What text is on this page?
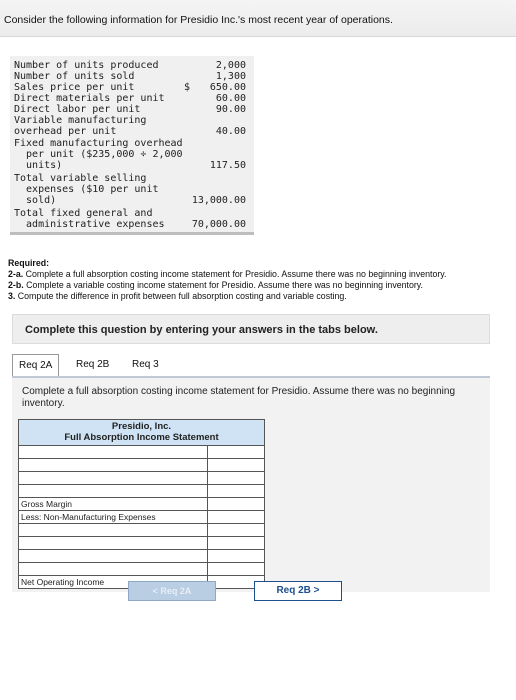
Consider the following information for Presidio Inc.'s most recent year of operations.
Number of units produced	2,000
Number of units sold	1,300
Sales price per unit	$	650.00
Direct materials per unit	60.00
Direct labor per unit	90.00
Variable manufacturing
overhead per unit	40.00
Fixed manufacturing overhead
per unit ($235,000 ÷ 2,000
units)	117.50
Total variable selling
expenses ($10 per unit
sold)	13,000.00
Total fixed general and
administrative expenses	70,000.00
Required:
2-a. Complete a full absorption costing income statement for Presidio. Assume there was no beginning inventory.
2-b. Complete a variable costing income statement for Presidio. Assume there was no beginning inventory.
3. Compute the difference in profit between full absorption costing and variable costing.
Complete this question by entering your answers in the tabs below.
Req 2A	Req 2B	Req 3
Complete a full absorption costing income statement for Presidio. Assume there was no beginning inventory.
Presidio, Inc.
Full Absorption Income Statement
Gross Margin
Less: Non-Manufacturing Expenses
Net Operating Income
< Req 2A	Req 2B >
